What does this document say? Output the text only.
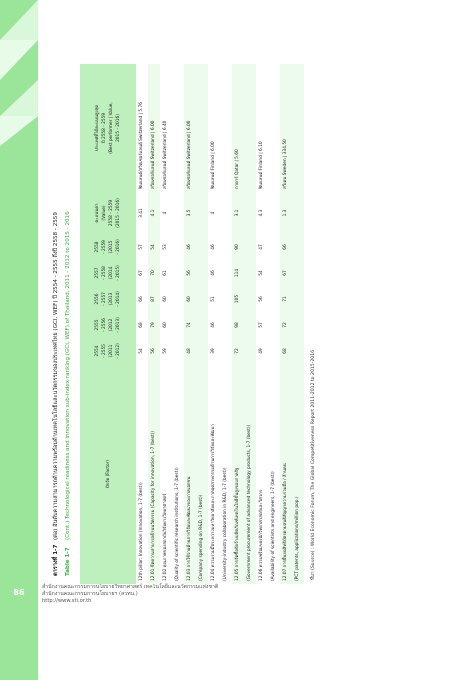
86
สำนักงานคณะกรรมการนโยบายวิทยาศาสตร์ เทคโนโลยีและนวัตกรรมแห่งชาติ
สำนักงานคณะกรรมการนโยบายฯ (สวทน.)
http://www.sti.or.th
ตารางที่ 1-7
(ต่อ) อันดับความสามารถด้านความพร้อมด้านเทคโนโลยีและนวัตกรรมของประเทศไทย (GCI, WEF) ปี 2554 - 2555 ถึงปี 2558 - 2559
Table 1-7
(Cont.) Technological readiness and innovation sub-index ranking (GCI, WEF) of Thailand, 2011 - 2012 to 2015 - 2016	ปัจจัย (Factor)	2554 - 2555 (2011 - 2012)	2555 - 2556 (2012 - 2013)	2556 - 2557 (2013 - 2014)	2557 - 2558 (2014 - 2015)	2558 - 2559 (2015 - 2016)	คะแนนค่า (Value) 2558 - 2559 (2015 - 2016)	ประเทศที่ได้คะแนนสูงสุด ปี 2558 - 2559 (Best performer | Value, 2015 - 2016)

12th pillar: Innovation (Innovation, 1-7 (best))	54	68	66	67	57	3.41	ฟินแลนด์/สวิตเซอร์แลนด์ Switzerland | 5.76
12.01 ขีดความสามารถด้านนวัตกรรม (Capacity for innovation, 1-7 (best))	56	79	87	70	54	4.1	สวิตเซอร์แลนด์ Switzerland | 6.00
12.02 คุณภาพของสถาบันวิจัยทางวิทยาศาสตร์	59	60	60	61	53	4	สวิตเซอร์แลนด์ Switzerland | 6.40
(Quality of scientific research institutions, 1-7 (best))							
12.03 การใช้จ่ายด้านการวิจัยและพัฒนาของภาคเอกชน	48	74	60	56	46	3.5	สวิตเซอร์แลนด์ Switzerland | 6.00
(Company spending on R&D, 1-7 (best))							
12.04 ความร่วมมือระหว่างมหาวิทยาลัยและภาคอุตสาหกรรมด้านการวิจัยและพัฒนา	39	46	51	46	46	4	ฟินแลนด์ Finland | 6.00
(University-industry collaboration in R&D, 1-7 (best))							
12.05 การจัดซื้อจัดจ้างผลิตภัณฑ์เทคโนโลยีขั้นสูงของภาครัฐ	72	98	105	114	90	3.1	กาตาร์ Qatar | 5.60
(Government procurement of advanced technology products, 1-7 (best))							
12.06 ความพร้อมของนักวิทยาศาสตร์และวิศวกร	49	57	56	54	47	4.3	ฟินแลนด์ Finland | 6.10
(Availability of scientists and engineers, 1-7 (best))							
12.07 การยื่นจดสิทธิบัตรตามสนธิสัญญาความร่วมมือ / ล้านคน	68	72	71	67	66	1.3	สวีเดน Sweden | 334.50
(PCT patents, applications/million pop.)							ที่มา (Source) : World Economic Forum, The Global Competitiveness Report 2011-2012 to 2015-2016
